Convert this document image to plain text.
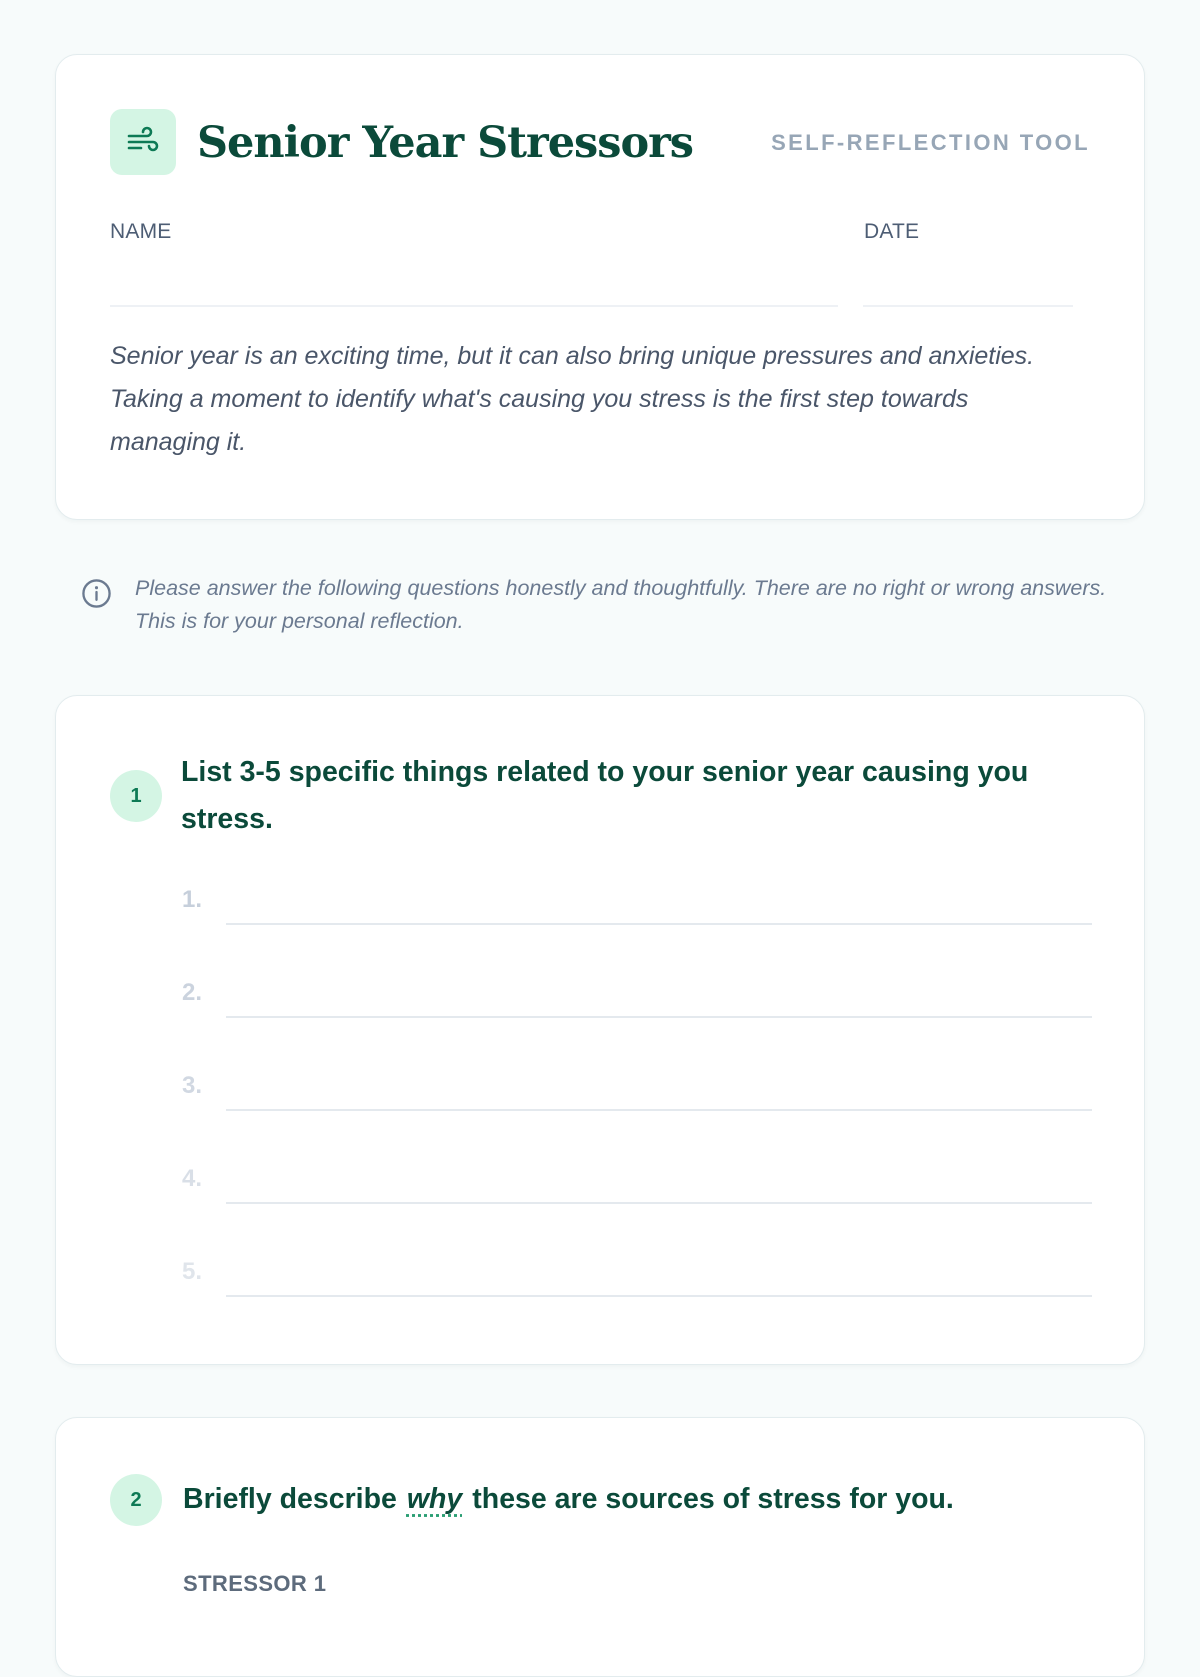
Senior Year Stressors	SELF-REFLECTION TOOL
NAME	DATE
Senior year is an exciting time, but it can also bring unique pressures and anxieties. Taking a moment to identify what's causing you stress is the first step towards managing it.
Please answer the following questions honestly and thoughtfully. There are no right or wrong answers. This is for your personal reflection.
1
List 3-5 specific things related to your senior year causing you stress.
1.
2.
3.
4.
5.
2	Briefly describe why these are sources of stress for you.
STRESSOR 1
